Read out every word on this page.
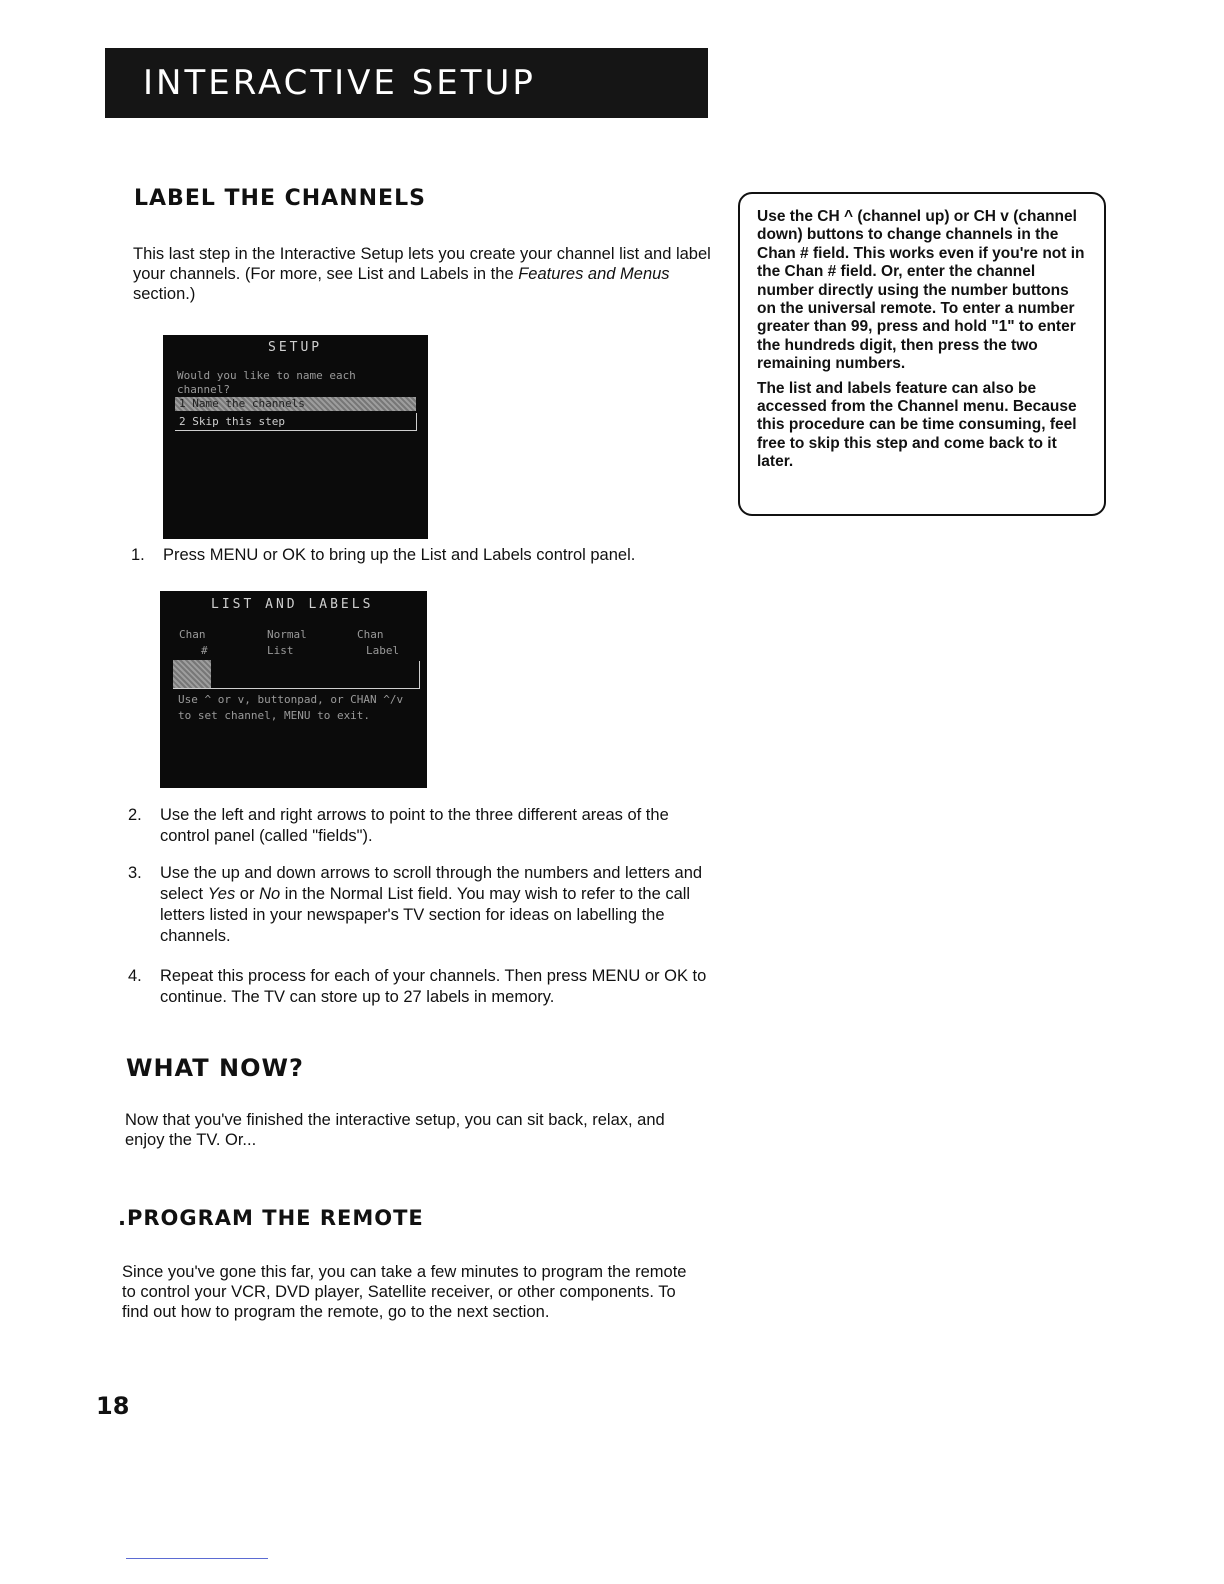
INTERACTIVE SETUP
LABEL THE CHANNELS
This last step in the Interactive Setup lets you create your channel list and label your channels. (For more, see List and Labels in the Features and Menus section.)
SETUP
Would you like to name each
channel?
1 Name the channels
2 Skip this step
1. Press MENU or OK to bring up the List and Labels control panel.
LIST AND LABELS
Chan
#
Normal
List
Chan
Label
Use ^ or v, buttonpad, or CHAN ^/v
to set channel, MENU to exit.
2. Use the left and right arrows to point to the three different areas of the control panel (called "fields").
3. Use the up and down arrows to scroll through the numbers and letters and select Yes or No in the Normal List field. You may wish to refer to the call letters listed in your newspaper's TV section for ideas on labelling the channels.
4. Repeat this process for each of your channels. Then press MENU or OK to continue. The TV can store up to 27 labels in memory.

Use the CH ^ (channel up) or CH v (channel down) buttons to change channels in the Chan # field. This works even if you're not in the Chan # field. Or, enter the channel number directly using the number buttons on the universal remote. To enter a number greater than 99, press and hold "1" to enter the hundreds digit, then press the two remaining numbers.

The list and labels feature can also be accessed from the Channel menu. Because this procedure can be time consuming, feel free to skip this step and come back to it later.

WHAT NOW?
Now that you've finished the interactive setup, you can sit back, relax, and enjoy the TV. Or...
.PROGRAM THE REMOTE
Since you've gone this far, you can take a few minutes to program the remote to control your VCR, DVD player, Satellite receiver, or other components. To find out how to program the remote, go to the next section.
18
